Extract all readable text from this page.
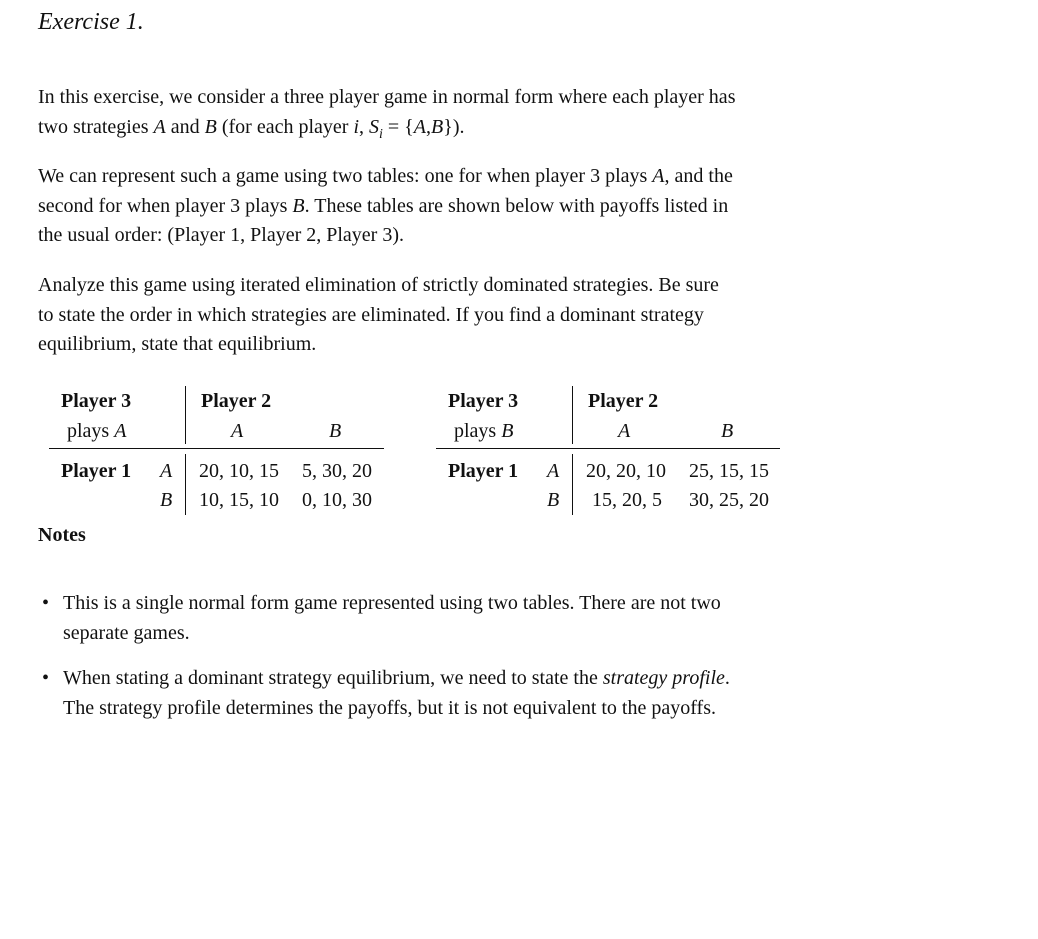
Exercise 1.

In this exercise, we consider a three player game in normal form where each player has two strategies A and B (for each player i, $S_i = \{A,B\}$).

We can represent such a game using two tables: one for when player 3 plays A, and the second for when player 3 plays B. These tables are shown below with payoffs listed in the usual order: (Player 1, Player 2, Player 3).

Analyze this game using iterated elimination of strictly dominated strategies. Be sure to state the order in which strategies are eliminated. If you find a dominant strategy equilibrium, state that equilibrium.

Player 3
plays A
Player 2
A	B
Player 1 A
B
20, 10, 15 5, 30, 20
10, 15, 10 0, 10, 30
Player 3
plays B
Player 2
A	B
Player 1 A
B
20, 20, 10 25, 15, 15
15, 20, 5 30, 25, 20
Notes
• This is a single normal form game represented using two tables. There are not two separate games.
• When stating a dominant strategy equilibrium, we need to state the strategy profile. The strategy profile determines the payoffs, but it is not equivalent to the payoffs.
